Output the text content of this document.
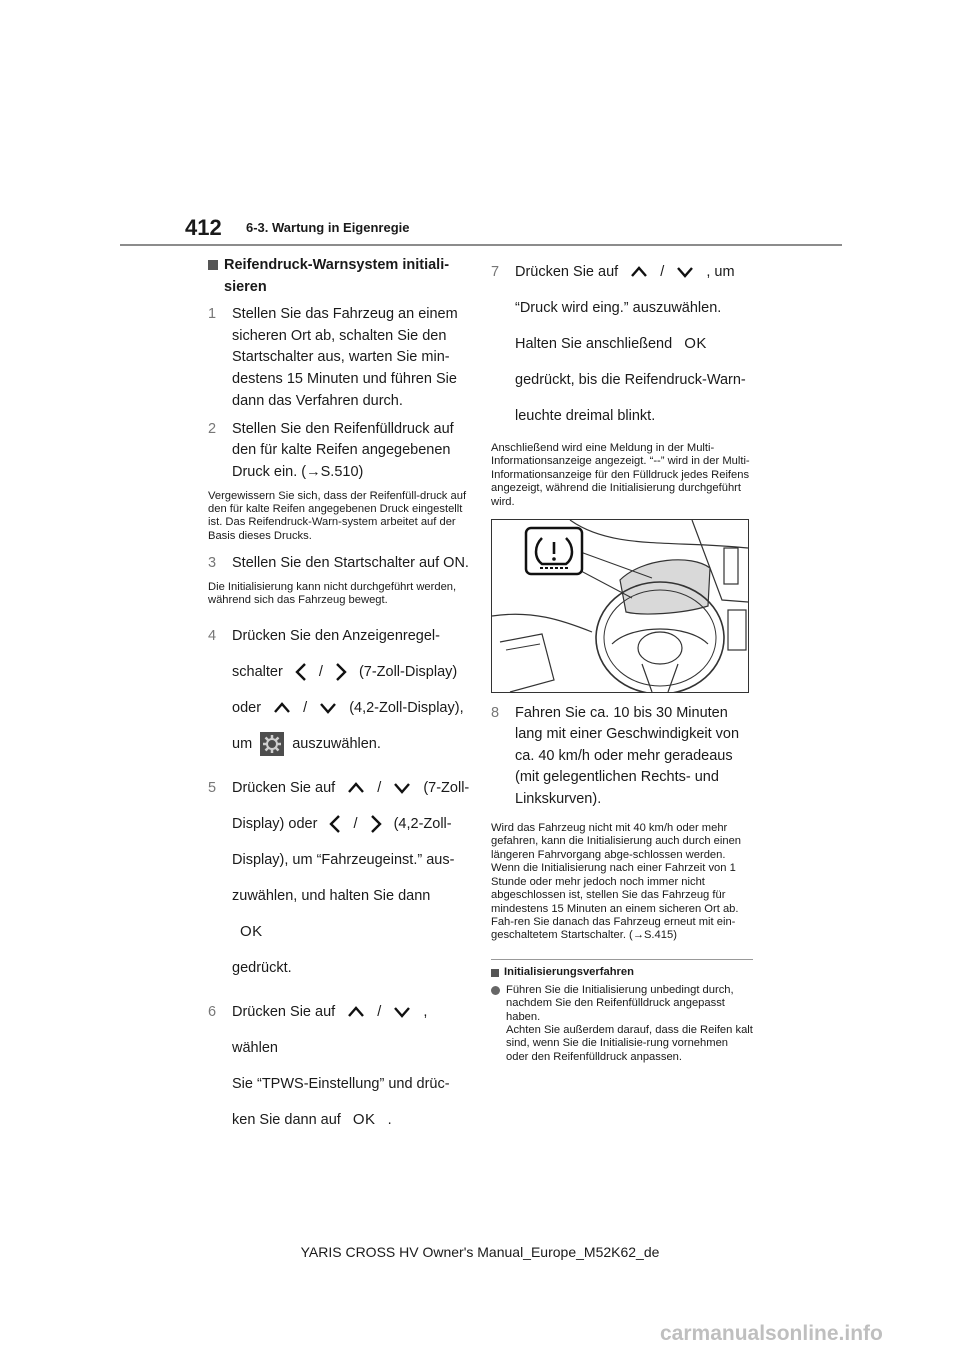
412 6-3. Wartung in Eigenregie
Reifendruck-Warnsystem initiali-
sieren
1	Stellen Sie das Fahrzeug an einem sicheren Ort ab, schalten Sie den Startschalter aus, warten Sie min-destens 15 Minuten und führen Sie dann das Verfahren durch.
2	Stellen Sie den Reifenfülldruck auf den für kalte Reifen angegebenen Druck ein. (→S.510)
Vergewissern Sie sich, dass der Reifenfüll-druck auf den für kalte Reifen angegebenen Druck eingestellt ist. Das Reifendruck-Warn-system arbeitet auf der Basis dieses Drucks.
3	Stellen Sie den Startschalter auf ON.
Die Initialisierung kann nicht durchgeführt werden, während sich das Fahrzeug bewegt.
4	Drücken Sie den Anzeigenregel-
schalter / (7-Zoll-Display)
oder	/	(4,2-Zoll-Display),
um	auszuwählen.
5	Drücken Sie auf	/	(7-Zoll-
Display) oder / (4,2-Zoll-
Display), um “Fahrzeugeinst.” aus-
zuwählen, und halten Sie dann OK
gedrückt.
6	Drücken Sie auf	/	, wählen
Sie “TPWS-Einstellung” und drüc-
ken Sie dann auf OK .
7	Drücken Sie auf	/	, um
“Druck wird eing.” auszuwählen.
Halten Sie anschließend OK
gedrückt, bis die Reifendruck-Warn-
leuchte dreimal blinkt.
Anschließend wird eine Meldung in der Multi-Informationsanzeige angezeigt. “--” wird in der Multi-Informationsanzeige für den Fülldruck jedes Reifens angezeigt, während die Initialisierung durchgeführt wird.
8	Fahren Sie ca. 10 bis 30 Minuten lang mit einer Geschwindigkeit von ca. 40 km/h oder mehr geradeaus (mit gelegentlichen Rechts- und Linkskurven).
Wird das Fahrzeug nicht mit 40 km/h oder mehr gefahren, kann die Initialisierung auch durch einen längeren Fahrvorgang abge-schlossen werden. Wenn die Initialisierung nach einer Fahrzeit von 1 Stunde oder mehr jedoch noch immer nicht abgeschlossen ist, stellen Sie das Fahrzeug für mindestens 15 Minuten an einem sicheren Ort ab. Fah-ren Sie danach das Fahrzeug erneut mit ein-geschaltetem Startschalter. (→S.415)
Initialisierungsverfahren
Führen Sie die Initialisierung unbedingt durch, nachdem Sie den Reifenfülldruck angepasst haben.
Achten Sie außerdem darauf, dass die Reifen kalt sind, wenn Sie die Initialisie-rung vornehmen oder den Reifenfülldruck anpassen.
YARIS CROSS HV Owner's Manual_Europe_M52K62_de
carmanualsonline.info
